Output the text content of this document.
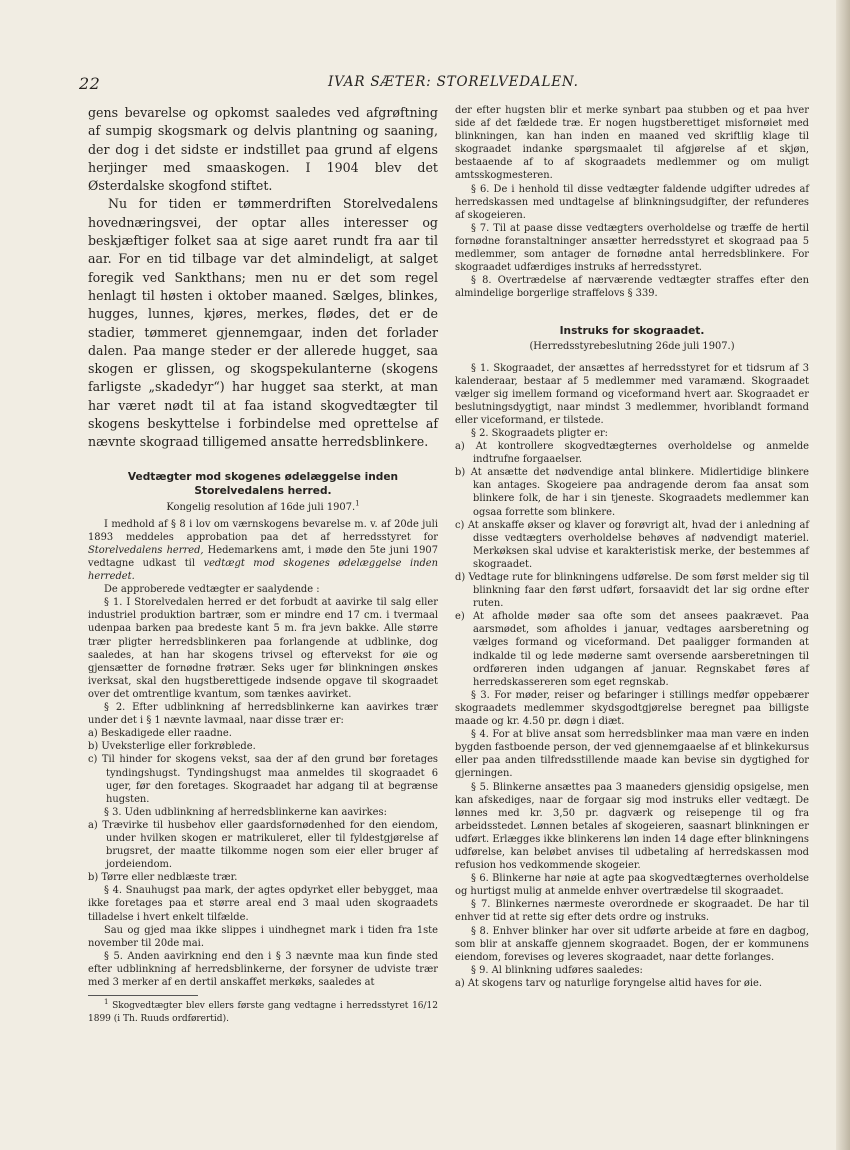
22	IVAR SÆTER: STORELVEDALEN.

gens bevarelse og opkomst saaledes ved afgrøftning af sumpig skogsmark og delvis plantning og saaning, der dog i det sidste er indstillet paa grund af elgens herjinger med smaaskogen. I 1904 blev det Østerdalske skogfond stiftet.

Nu for tiden er tømmerdriften Storelvedalens hovednæringsvei, der optar alles interesser og beskjæftiger folket saa at sige aaret rundt fra aar til aar. For en tid tilbage var det almindeligt, at salget foregik ved Sankthans; men nu er det som regel henlagt til høsten i oktober maaned. Sælges, blinkes, hugges, lunnes, kjøres, merkes, flødes, det er de stadier, tømmeret gjennemgaar, inden det forlader dalen. Paa mange steder er der allerede hugget, saa skogen er glissen, og skogspekulanterne (skogens farligste „skadedyr“) har hugget saa sterkt, at man har været nødt til at faa istand skogvedtægter til skogens beskyttelse i forbindelse med oprettelse af nævnte skograad tilligemed ansatte herredsblinkere.

Vedtægter mod skogenes ødelæggelse inden Storelvedalens herred.

Kongelig resolution af 16de juli 1907.$^1$

I medhold af § 8 i lov om værnskogens bevarelse m. v. af 20de juli 1893 meddeles approbation paa det af herredsstyret for Storelvedalens herred, Hedemarkens amt, i møde den 5te juni 1907 vedtagne udkast til vedtægt mod skogenes ødelæggelse inden herredet.

De approberede vedtægter er saalydende :

§ 1. I Storelvedalen herred er det forbudt at aavirke til salg eller industriel produktion bartrær, som er mindre end 17 cm. i tvermaal udenpaa barken paa bredeste kant 5 m. fra jevn bakke. Alle større trær pligter herredsblinkeren paa forlangende at udblinke, dog saaledes, at han har skogens trivsel og eftervekst for øie og gjensætter de fornødne frøtrær. Seks uger før blinkningen ønskes iverksat, skal den hugstberettigede indsende opgave til skograadet over det omtrentlige kvantum, som tænkes aavirket.

§ 2. Efter udblinkning af herredsblinkerne kan aavirkes trær under det i § 1 nævnte lavmaal, naar disse trær er:

a) Beskadigede eller raadne.

b) Uveksterlige eller forkrøblede.

c) Til hinder for skogens vekst, saa der af den grund bør foretages tyndingshugst. Tyndingshugst maa anmeldes til skograadet 6 uger, før den foretages. Skograadet har adgang til at begrænse hugsten.

§ 3. Uden udblinkning af herredsblinkerne kan aavirkes:

a) Trævirke til husbehov eller gaardsfornødenhed for den eiendom, under hvilken skogen er matrikuleret, eller til fyldestgjørelse af brugsret, der maatte tilkomme nogen som eier eller bruger af jordeiendom.

b) Tørre eller nedblæste trær.

§ 4. Snauhugst paa mark, der agtes opdyrket eller bebygget, maa ikke foretages paa et større areal end 3 maal uden skograadets tilladelse i hvert enkelt tilfælde.

Sau og gjed maa ikke slippes i uindhegnet mark i tiden fra 1ste november til 20de mai.

§ 5. Anden aavirkning end den i § 3 nævnte maa kun finde sted efter udblinkning af herredsblinkerne, der forsyner de udviste trær med 3 merker af en dertil anskaffet merkøks, saaledes at

$^1$ Skogvedtægter blev ellers første gang vedtagne i herredsstyret 16/12 1899 (i Th. Ruuds ordførertid).

der efter hugsten blir et merke synbart paa stubben og et paa hver side af det fældede træ. Er nogen hugstberettiget misfornøiet med blinkningen, kan han inden en maaned ved skriftlig klage til skograadet indanke spørgsmaalet til afgjørelse af et skjøn, bestaaende af to af skograadets medlemmer og om muligt amtsskogmesteren.

§ 6. De i henhold til disse vedtægter faldende udgifter udredes af herredskassen med undtagelse af blinkningsudgifter, der refunderes af skogeieren.

§ 7. Til at paase disse vedtægters overholdelse og træffe de hertil fornødne foranstaltninger ansætter herredsstyret et skograad paa 5 medlemmer, som antager de fornødne antal herredsblinkere. For skograadet udfærdiges instruks af herredsstyret.

§ 8. Overtrædelse af nærværende vedtægter straffes efter den almindelige borgerlige straffelovs § 339.

Instruks for skograadet.

(Herredsstyrebeslutning 26de juli 1907.)

§ 1. Skograadet, der ansættes af herredsstyret for et tidsrum af 3 kalenderaar, bestaar af 5 medlemmer med varamænd. Skograadet vælger sig imellem formand og viceformand hvert aar. Skograadet er beslutningsdygtigt, naar mindst 3 medlemmer, hvoriblandt formand eller viceformand, er tilstede.

§ 2. Skograadets pligter er:

a) At kontrollere skogvedtægternes overholdelse og anmelde indtrufne forgaaelser.

b) At ansætte det nødvendige antal blinkere. Midlertidige blinkere kan antages. Skogeiere paa andragende derom faa ansat som blinkere folk, de har i sin tjeneste. Skograadets medlemmer kan ogsaa forrette som blinkere.

c) At anskaffe økser og klaver og forøvrigt alt, hvad der i anledning af disse vedtægters overholdelse behøves af nødvendigt materiel. Merkøksen skal udvise et karakteristisk merke, der bestemmes af skograadet.

d) Vedtage rute for blinkningens udførelse. De som først melder sig til blinkning faar den først udført, forsaavidt det lar sig ordne efter ruten.

e) At afholde møder saa ofte som det ansees paakrævet. Paa aarsmødet, som afholdes i januar, vedtages aarsberetning og vælges formand og viceformand. Det paaligger formanden at indkalde til og lede møderne samt oversende aarsberetningen til ordføreren inden udgangen af januar. Regnskabet føres af herredskassereren som eget regnskab.

§ 3. For møder, reiser og befaringer i stillings medfør oppebærer skograadets medlemmer skydsgodtgjørelse beregnet paa billigste maade og kr. 4.50 pr. døgn i diæt.

§ 4. For at blive ansat som herredsblinker maa man være en inden bygden fastboende person, der ved gjennemgaaelse af et blinkekursus eller paa anden tilfredsstillende maade kan bevise sin dygtighed for gjerningen.

§ 5. Blinkerne ansættes paa 3 maaneders gjensidig opsigelse, men kan afskediges, naar de forgaar sig mod instruks eller vedtægt. De lønnes med kr. 3,50 pr. dagværk og reisepenge til og fra arbeidsstedet. Lønnen betales af skogeieren, saasnart blinkningen er udført. Erlægges ikke blinkerens løn inden 14 dage efter blinkningens udførelse, kan beløbet anvises til udbetaling af herredskassen mod refusion hos vedkommende skogeier.

§ 6. Blinkerne har nøie at agte paa skogvedtægternes overholdelse og hurtigst mulig at anmelde enhver overtrædelse til skograadet.

§ 7. Blinkernes nærmeste overordnede er skograadet. De har til enhver tid at rette sig efter dets ordre og instruks.

§ 8. Enhver blinker har over sit udførte arbeide at føre en dagbog, som blir at anskaffe gjennem skograadet. Bogen, der er kommunens eiendom, forevises og leveres skograadet, naar dette forlanges.

§ 9. Al blinkning udføres saaledes:

a) At skogens tarv og naturlige foryngelse altid haves for øie.
